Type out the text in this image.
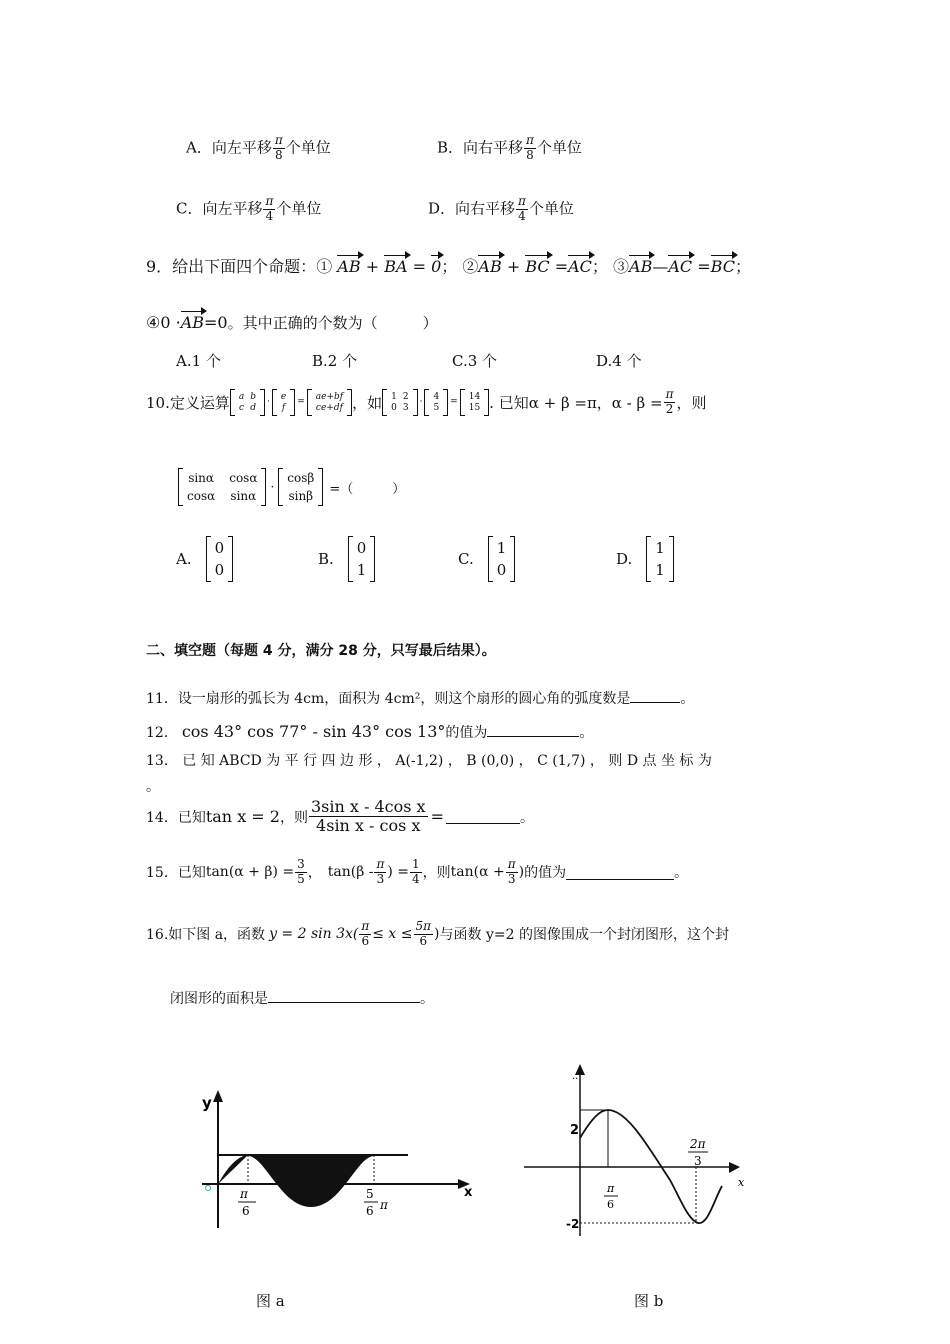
A．向左平移 $\frac{\pi}{8}$ 个单位	B．向右平移 $\frac{\pi}{8}$ 个单位
C．向左平移 $\frac{\pi}{4}$ 个单位	D．向右平移 $\frac{\pi}{4}$ 个单位
9．给出下面四个命题：① AB + BA = 0； ②AB + BC =AC； ③AB—AC =BC；
④0 ·AB=0。其中正确的个数为（　　　）
A.1 个	B.2 个	C.3 个	D.4 个
10.定义运算 a b
c d
·
e
f
=
ae+bf
ce+df ，如 1 2
0 3
·
4
5
=
14
15 . 已知α + β =π，$\alpha - \beta = \frac{\pi}{2}$ ，则
sinα cosα
cosα sinα
·
cosβ
sinβ =（　　　）
A.
0
0
B.
0
1
C.
1
0
D.
1
1
二、填空题（每题 4 分，满分 28 分，只写最后结果）。
11．设一扇形的弧长为 4cm，面积为 4cm²，则这个扇形的圆心角的弧度数是	。
12． cos 43° cos 77° - sin 43° cos 13°的值为	。
13． 已 知 ABCD 为 平 行 四 边 形 ， A(-1,2) ， B (0,0) ， C (1,7) ， 则 D 点 坐 标 为
。
14．已知 tan x = 2 ，则 $\frac{\text{3sin x - 4cos x}}{\text{4sin x - cos x}}$ =	。
15．已知 $\tan(\alpha + \beta) = \frac{3}{5}$ ， $\tan(\beta - \frac{\pi}{3}$ ) = $\frac{1}{4}$ ，则 $\tan(\alpha + \frac{\pi}{3}$ ) 的值为	。
16.如下图 a，函数 y = 2 $\sin 3x( \frac{\pi}{6} \le x \le \frac{5\pi}{6}$ ) 与函数 y=2 的图像围成一个封闭图形，这个封
闭图形的面积是	。
y
x
π
6
5
6 π
图 a
··
2
-2
x
π
6
2π
3
图 b
